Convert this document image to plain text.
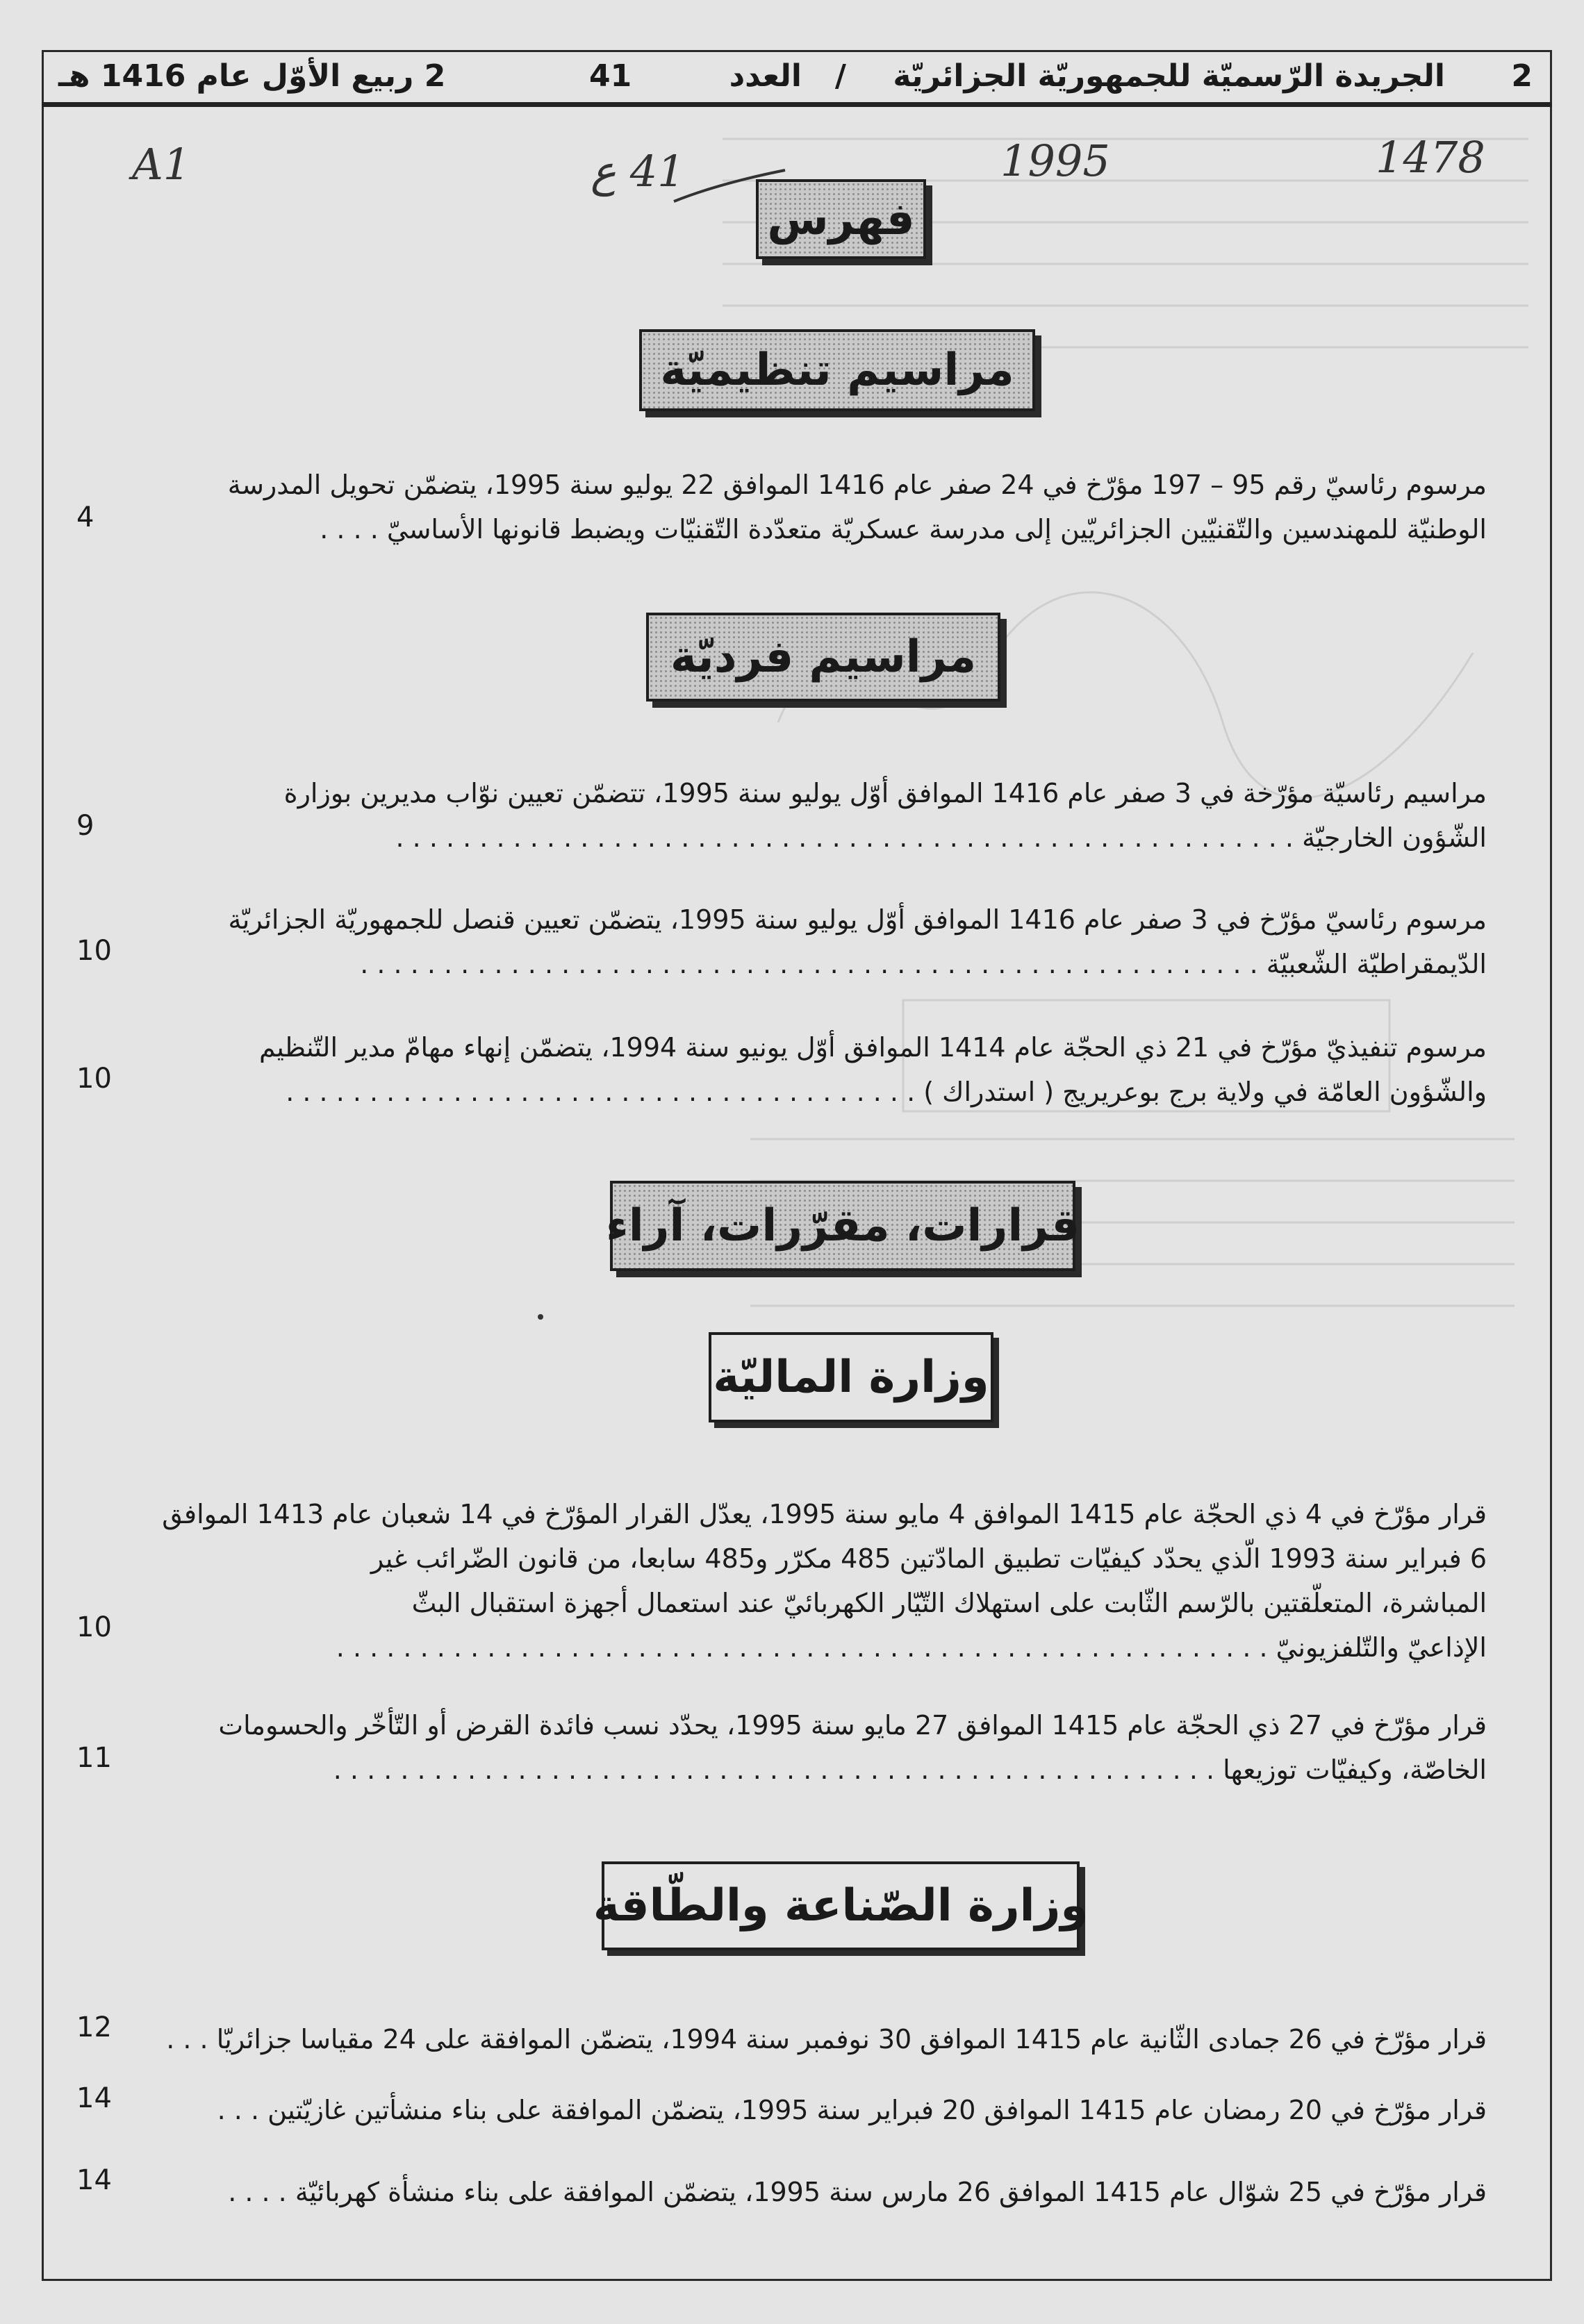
2
الجريدة الرّسميّة للجمهوريّة الجزائريّة
/
العدد
41
2 ربيع الأوّل عام 1416 هـ
1478
1995
41 ع
A1
فهرس
مراسيم تنظيميّة

مرسوم رئاسيّ رقم 95 – 197 مؤرّخ في 24 صفر عام 1416 الموافق 22 يوليو سنة 1995، يتضمّن تحويل المدرسة

الوطنيّة للمهندسين والتّقنيّين الجزائريّين إلى مدرسة عسكريّة متعدّدة التّقنيّات ويضبط قانونها الأساسيّ . . . .

4
مراسيم فرديّة

مراسيم رئاسيّة مؤرّخة في 3 صفر عام 1416 الموافق أوّل يوليو سنة 1995، تتضمّن تعيين نوّاب مديرين بوزارة

الشّؤون الخارجيّة . . . . . . . . . . . . . . . . . . . . . . . . . . . . . . . . . . . . . . . . . . . . . . . . . . . . . .

9

مرسوم رئاسيّ مؤرّخ في 3 صفر عام 1416 الموافق أوّل يوليو سنة 1995، يتضمّن تعيين قنصل للجمهوريّة الجزائريّة

الدّيمقراطيّة الشّعبيّة . . . . . . . . . . . . . . . . . . . . . . . . . . . . . . . . . . . . . . . . . . . . . . . . . . . . . .

10

مرسوم تنفيذيّ مؤرّخ في 21 ذي الحجّة عام 1414 الموافق أوّل يونيو سنة 1994، يتضمّن إنهاء مهامّ مدير التّنظيم

والشّؤون العامّة في ولاية برج بوعريريج ( استدراك ) . . . . . . . . . . . . . . . . . . . . . . . . . . . . . . . . . . . . . .

10
قرارات، مقرّرات، آراء
وزارة الماليّة

قرار مؤرّخ في 4 ذي الحجّة عام 1415 الموافق 4 مايو سنة 1995، يعدّل القرار المؤرّخ في 14 شعبان عام 1413 الموافق

6 فبراير سنة 1993 الّذي يحدّد كيفيّات تطبيق المادّتين 485 مكرّر و485 سابعا، من قانون الضّرائب غير

المباشرة، المتعلّقتين بالرّسم الثّابت على استهلاك التّيّار الكهربائيّ عند استعمال أجهزة استقبال البثّ

الإذاعيّ والتّلفزيونيّ . . . . . . . . . . . . . . . . . . . . . . . . . . . . . . . . . . . . . . . . . . . . . . . . . . . . . . . .

10

قرار مؤرّخ في 27 ذي الحجّة عام 1415 الموافق 27 مايو سنة 1995، يحدّد نسب فائدة القرض أو التّأخّر والحسومات

الخاصّة، وكيفيّات توزيعها . . . . . . . . . . . . . . . . . . . . . . . . . . . . . . . . . . . . . . . . . . . . . . . . . . . . .

11
وزارة الصّناعة والطّاقة

قرار مؤرّخ في 26 جمادى الثّانية عام 1415 الموافق 30 نوفمبر سنة 1994، يتضمّن الموافقة على 24 مقياسا جزائريّا . . .

12

قرار مؤرّخ في 20 رمضان عام 1415 الموافق 20 فبراير سنة 1995، يتضمّن الموافقة على بناء منشأتين غازيّتين . . .

14

قرار مؤرّخ في 25 شوّال عام 1415 الموافق 26 مارس سنة 1995، يتضمّن الموافقة على بناء منشأة كهربائيّة . . . .

14
